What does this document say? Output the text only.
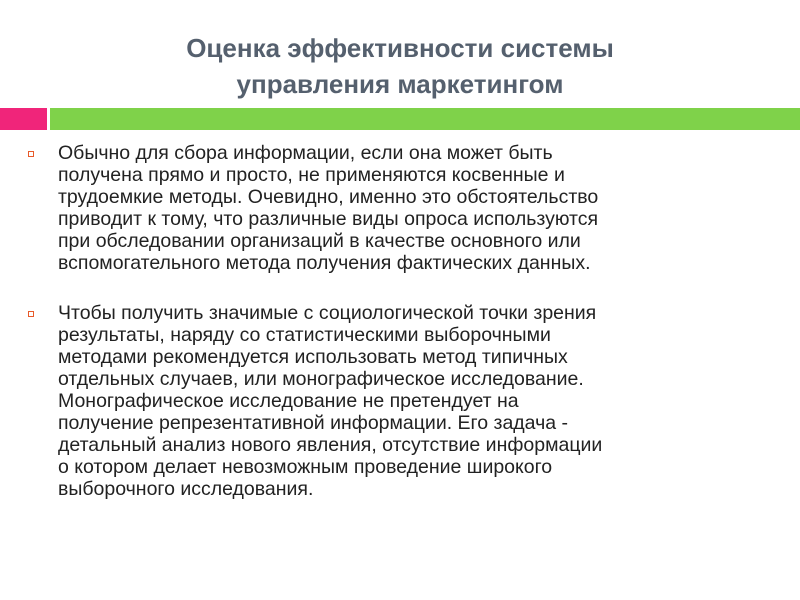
Оценка эффективности системы
управления маркетингом
Обычно для сбора информации, если она может быть
получена прямо и просто, не применяются косвенные и
трудоемкие методы. Очевидно, именно это обстоятельство
приводит к тому, что различные виды опроса используются
при обследовании организаций в качестве основного или
вспомогательного метода получения фактических данных.
Чтобы получить значимые с социологической точки зрения
результаты, наряду со статистическими выборочными
методами рекомендуется использовать метод типичных
отдельных случаев, или монографическое исследование.
Монографическое исследование не претендует на
получение репрезентативной информации. Его задача -
детальный анализ нового явления, отсутствие информации
о котором делает невозможным проведение широкого
выборочного исследования.
